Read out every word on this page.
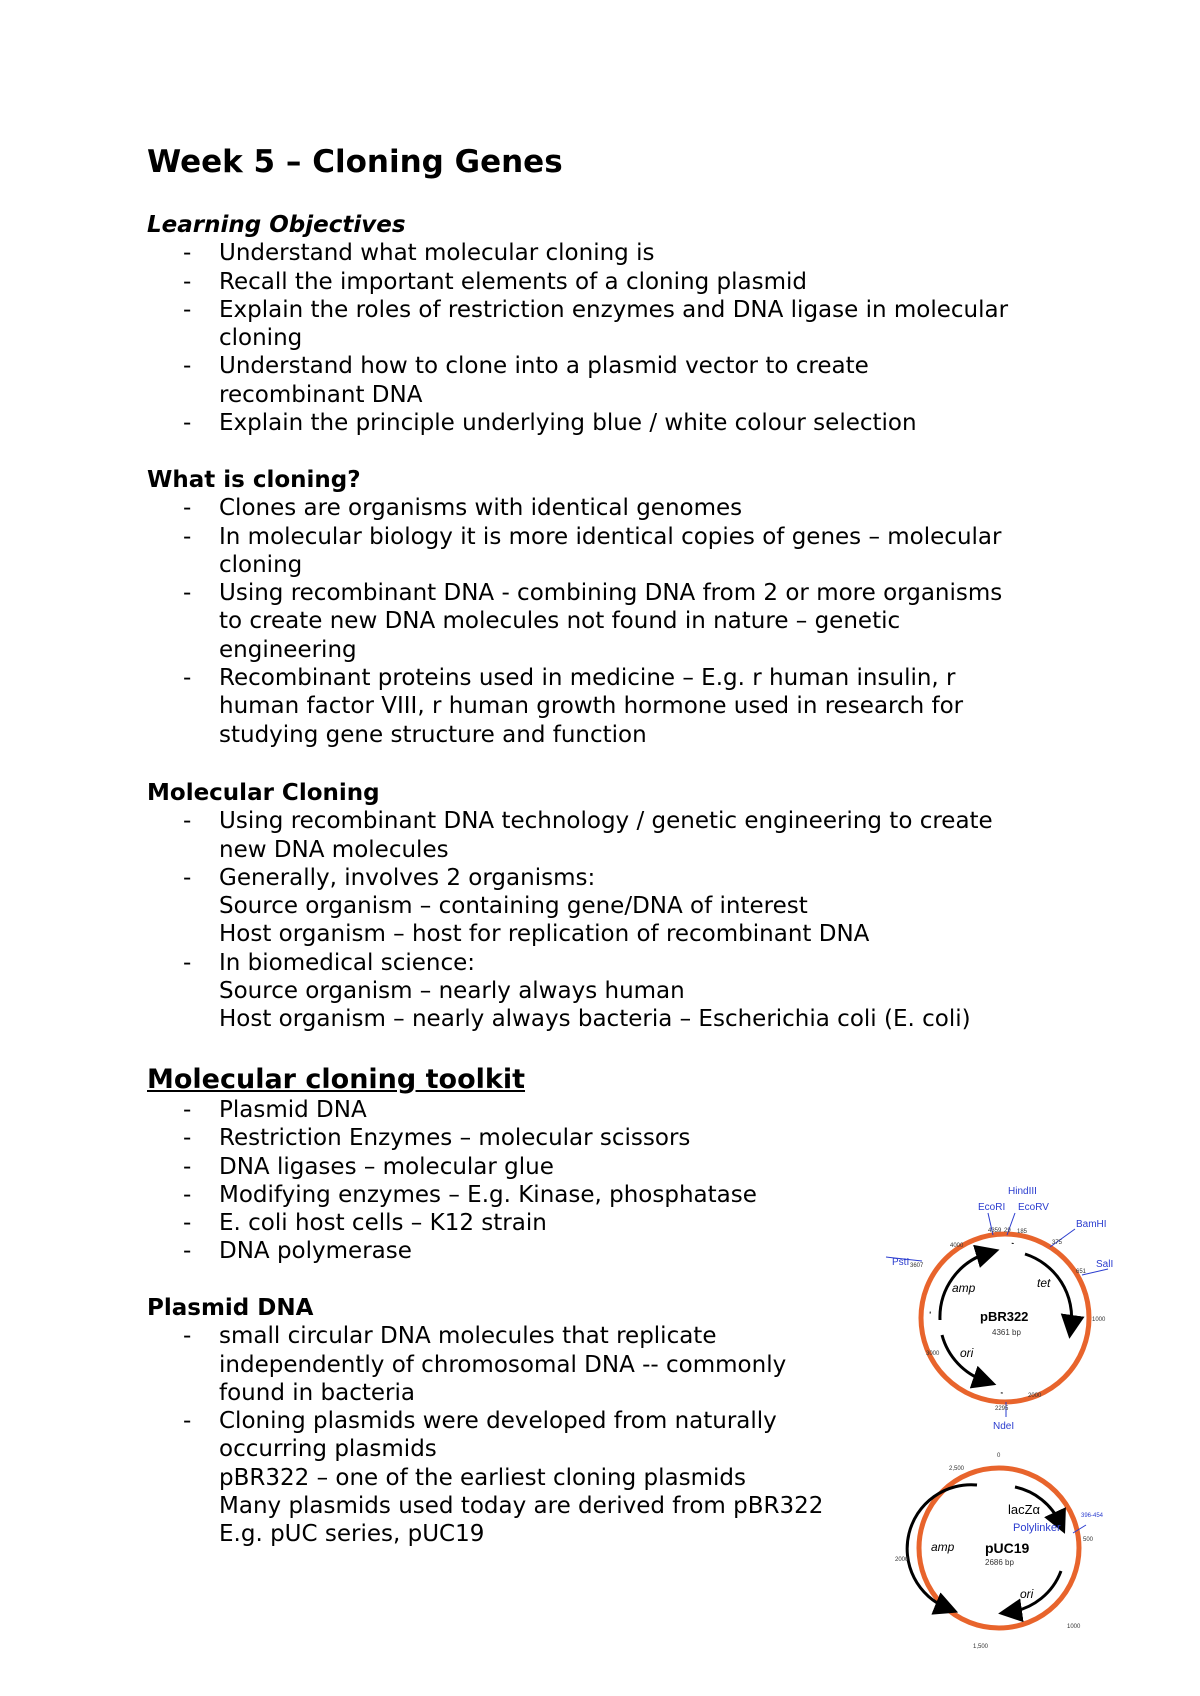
Week 5 – Cloning Genes
Learning Objectives
- Understand what molecular cloning is
- Recall the important elements of a cloning plasmid
- Explain the roles of restriction enzymes and DNA ligase in molecular
cloning
- Understand how to clone into a plasmid vector to create
recombinant DNA
- Explain the principle underlying blue / white colour selection
What is cloning?
- Clones are organisms with identical genomes
- In molecular biology it is more identical copies of genes – molecular
cloning
- Using recombinant DNA - combining DNA from 2 or more organisms
to create new DNA molecules not found in nature – genetic
engineering
- Recombinant proteins used in medicine – E.g. r human insulin, r
human factor VIII, r human growth hormone used in research for
studying gene structure and function
Molecular Cloning
- Using recombinant DNA technology / genetic engineering to create
new DNA molecules
- Generally, involves 2 organisms:
Source organism – containing gene/DNA of interest
Host organism – host for replication of recombinant DNA
- In biomedical science:
Source organism – nearly always human
Host organism – nearly always bacteria – Escherichia coli (E. coli)
Molecular cloning toolkit
- Plasmid DNA
- Restriction Enzymes – molecular scissors
- DNA ligases – molecular glue
- Modifying enzymes – E.g. Kinase, phosphatase
- E. coli host cells – K12 strain
- DNA polymerase
Plasmid DNA
- small circular DNA molecules that replicate
independently of chromosomal DNA -- commonly
found in bacteria
- Cloning plasmids were developed from naturally
occurring plasmids
pBR322 – one of the earliest cloning plasmids
Many plasmids used today are derived from pBR322
E.g. pUC series, pUC19
HindIII
EcoRI EcoRV
BamHI
SalI
PstI
NdeI
4359 29 185
375
651
3607
2295
4000
1000
3000
2000
amp	tet
ori
pBR322
4361 bp
0
2,500
396-454
500
2000
1000
1,500
lacZα
Polylinker
amp pUC19
2686 bp
ori
